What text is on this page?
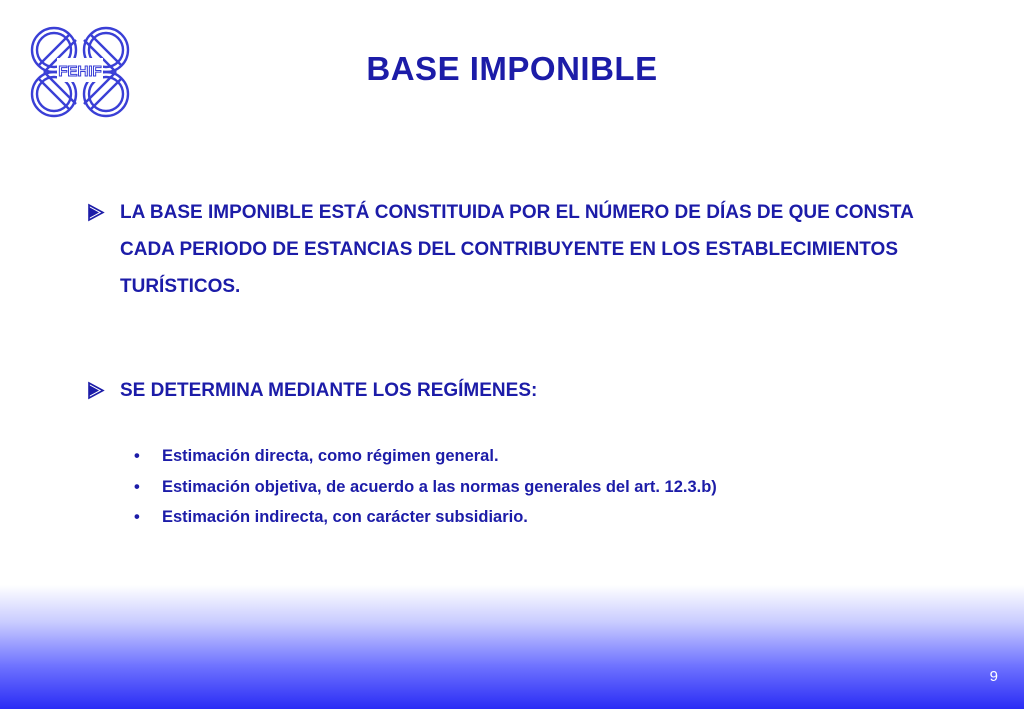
FEHIF	BASE IMPONIBLE
LA BASE IMPONIBLE ESTÁ CONSTITUIDA POR EL NÚMERO DE DÍAS DE QUE CONSTA CADA PERIODO DE ESTANCIAS DEL CONTRIBUYENTE EN LOS ESTABLECIMIENTOS TURÍSTICOS.
SE DETERMINA MEDIANTE LOS REGÍMENES:
• Estimación directa, como régimen general.
• Estimación objetiva, de acuerdo a las normas generales del art. 12.3.b)
• Estimación indirecta, con carácter subsidiario.
9
